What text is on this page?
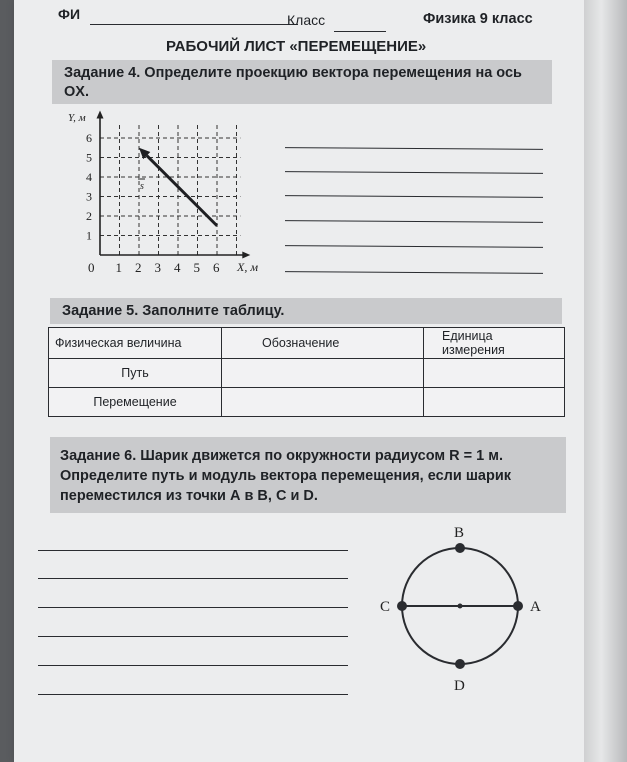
ФИ	Класс	Физика 9 класс
РАБОЧИЙ ЛИСТ «ПЕРЕМЕЩЕНИЕ»
Задание 4. Определите проекцию вектора перемещения на ось
OX.
1 2 3 4 5 6
1
2
3
4
5
6
Y, м
X, м
0
s
Задание 5. Заполните таблицу.
Физическая величина	Обозначение	Единица измерения
Путь		
Перемещение		
Задание 6. Шарик движется по окружности радиусом R = 1 м.
Определите путь и модуль вектора перемещения, если шарик
переместился из точки А в В, С и D.
A
B
C
D
